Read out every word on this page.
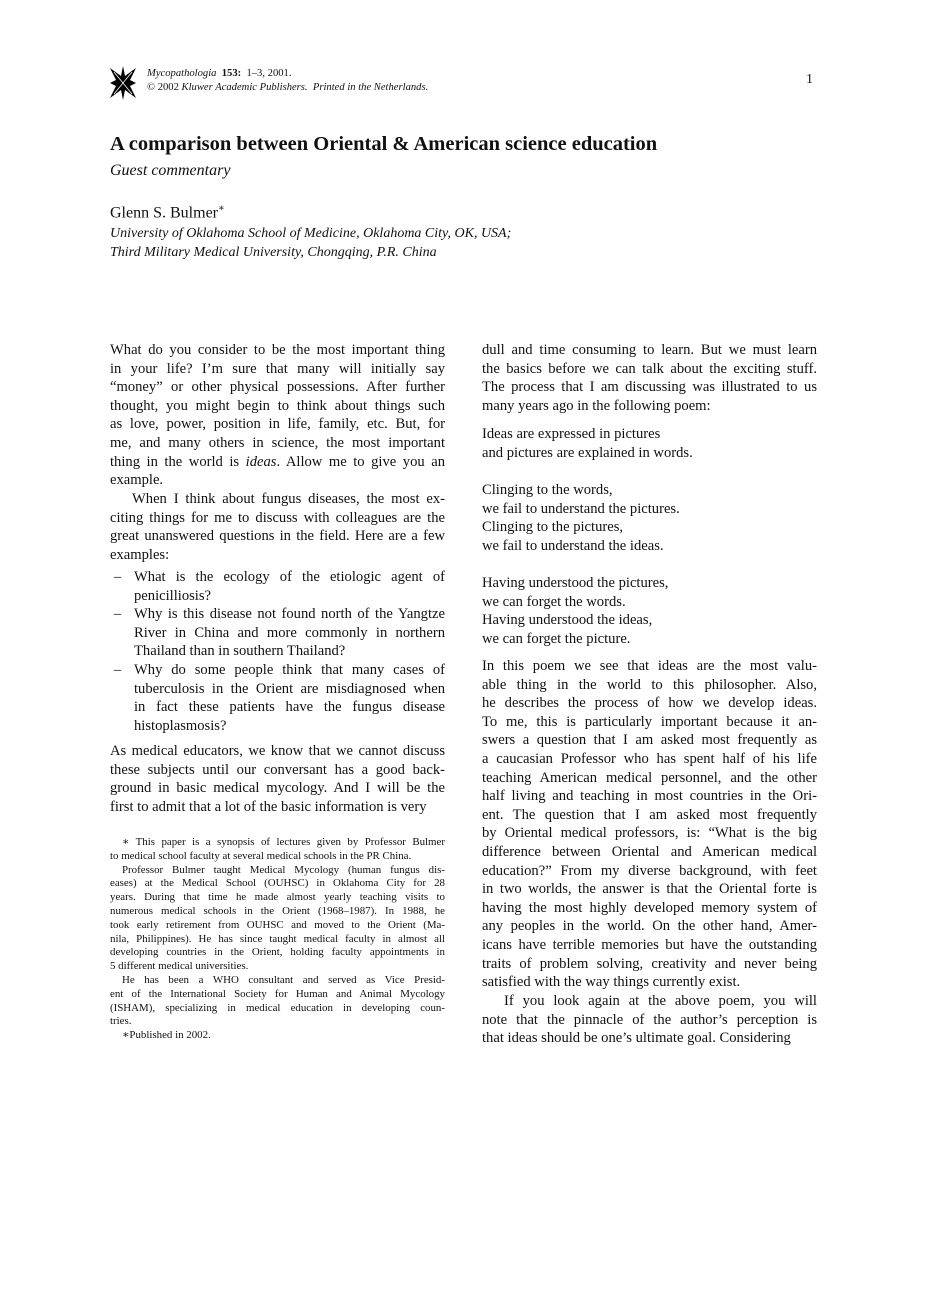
Mycopathologia 153: 1–3, 2001.
© 2002 Kluwer Academic Publishers. Printed in the Netherlands.
1
A comparison between Oriental & American science education
Guest commentary
Glenn S. Bulmer∗
University of Oklahoma School of Medicine, Oklahoma City, OK, USA;
Third Military Medical University, Chongqing, P.R. China
What do you consider to be the most important thing
in your life? I’m sure that many will initially say
“money” or other physical possessions. After further
thought, you might begin to think about things such
as love, power, position in life, family, etc. But, for
me, and many others in science, the most important
thing in the world is ideas. Allow me to give you an
example.
When I think about fungus diseases, the most ex-
citing things for me to discuss with colleagues are the
great unanswered questions in the field. Here are a few
examples:
– What is the ecology of the etiologic agent of
penicilliosis?
– Why is this disease not found north of the Yangtze
River in China and more commonly in northern
Thailand than in southern Thailand?
– Why do some people think that many cases of
tuberculosis in the Orient are misdiagnosed when
in fact these patients have the fungus disease
histoplasmosis?
As medical educators, we know that we cannot discuss
these subjects until our conversant has a good back-
ground in basic medical mycology. And I will be the
first to admit that a lot of the basic information is very
∗ This paper is a synopsis of lectures given by Professor Bulmer
to medical school faculty at several medical schools in the PR China.
Professor Bulmer taught Medical Mycology (human fungus dis-
eases) at the Medical School (OUHSC) in Oklahoma City for 28
years. During that time he made almost yearly teaching visits to
numerous medical schools in the Orient (1968–1987). In 1988, he
took early retirement from OUHSC and moved to the Orient (Ma-
nila, Philippines). He has since taught medical faculty in almost all
developing countries in the Orient, holding faculty appointments in
5 different medical universities.
He has been a WHO consultant and served as Vice Presid-
ent of the International Society for Human and Animal Mycology
(ISHAM), specializing in medical education in developing coun-
tries.
∗Published in 2002.
dull and time consuming to learn. But we must learn
the basics before we can talk about the exciting stuff.
The process that I am discussing was illustrated to us
many years ago in the following poem:
Ideas are expressed in pictures
and pictures are explained in words.
Clinging to the words,
we fail to understand the pictures.
Clinging to the pictures,
we fail to understand the ideas.
Having understood the pictures,
we can forget the words.
Having understood the ideas,
we can forget the picture.
In this poem we see that ideas are the most valu-
able thing in the world to this philosopher. Also,
he describes the process of how we develop ideas.
To me, this is particularly important because it an-
swers a question that I am asked most frequently as
a caucasian Professor who has spent half of his life
teaching American medical personnel, and the other
half living and teaching in most countries in the Ori-
ent. The question that I am asked most frequently
by Oriental medical professors, is: “What is the big
difference between Oriental and American medical
education?” From my diverse background, with feet
in two worlds, the answer is that the Oriental forte is
having the most highly developed memory system of
any peoples in the world. On the other hand, Amer-
icans have terrible memories but have the outstanding
traits of problem solving, creativity and never being
satisfied with the way things currently exist.
If you look again at the above poem, you will
note that the pinnacle of the author’s perception is
that ideas should be one’s ultimate goal. Considering
